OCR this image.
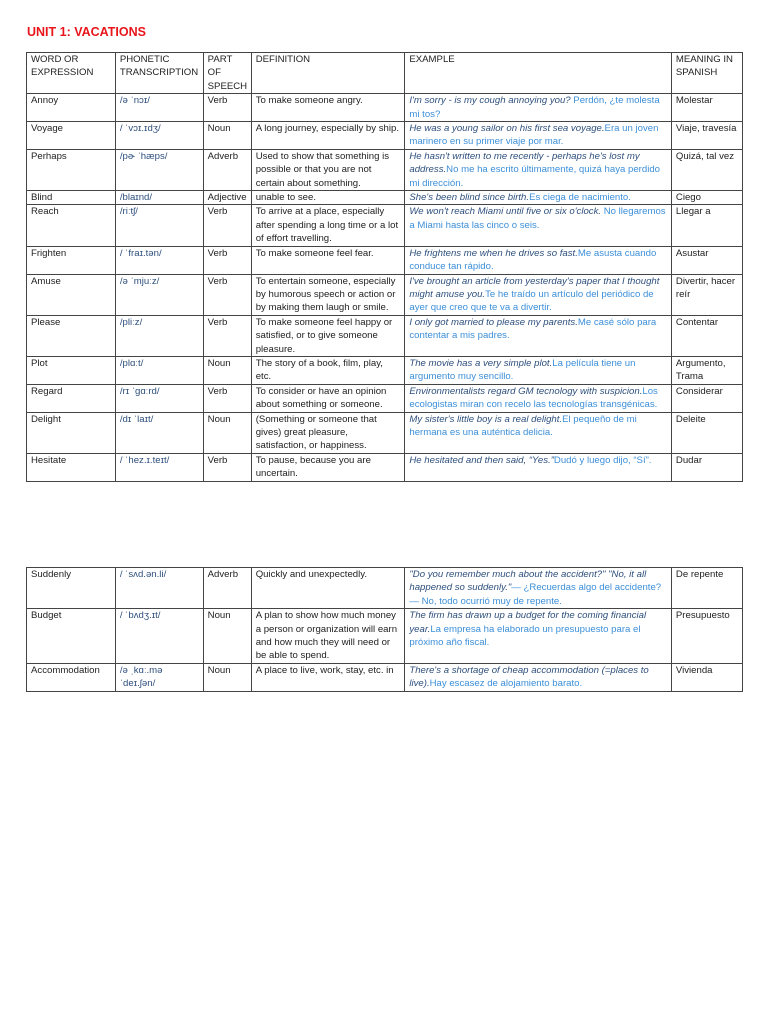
UNIT 1: VACATIONS
WORD OR EXPRESSION	PHONETIC TRANSCRIPTION	PART OF SPEECH	DEFINITION	EXAMPLE	MEANING IN SPANISH
Annoy	/ə ˈnɔɪ/	Verb	To make someone angry.	I'm sorry - is my cough annoying you? Perdón, ¿te molesta mi tos?	Molestar
Voyage	/ ˈvɔɪ.ɪdʒ/	Noun	A long journey, especially by ship.	He was a young sailor on his first sea voyage.Era un joven marinero en su primer viaje por mar.	Viaje, travesía
Perhaps	/pɚ ˈhæps/	Adverb	Used to show that something is possible or that you are not certain about something.	He hasn't written to me recently - perhaps he's lost my address.No me ha escrito últimamente, quizá haya perdido mi dirección.	Quizá, tal vez
Blind	/blaɪnd/	Adjective	unable to see.	She's been blind since birth.Es ciega de nacimiento.	Ciego
Reach	/riːtʃ/	Verb	To arrive at a place, especially after spending a long time or a lot of effort travelling.	We won't reach Miami until five or six o'clock. No llegaremos a Miami hasta las cinco o seis.	Llegar a
Frighten	/ ˈfraɪ.tən/	Verb	To make someone feel fear.	He frightens me when he drives so fast.Me asusta cuando conduce tan rápido.	Asustar
Amuse	/ə ˈmjuːz/	Verb	To entertain someone, especially by humorous speech or action or by making them laugh or smile.	I've brought an article from yesterday's paper that I thought might amuse you.Te he traído un artículo del periódico de ayer que creo que te va a divertir.	Divertir, hacer reír
Please	/pliːz/	Verb	To make someone feel happy or satisfied, or to give someone pleasure.	I only got married to please my parents.Me casé sólo para contentar a mis padres.	Contentar
Plot	/plɑːt/	Noun	The story of a book, film, play, etc.	The movie has a very simple plot.La película tiene un argumento muy sencillo.	Argumento, Trama
Regard	/rɪ ˈɡɑːrd/	Verb	To consider or have an opinion about something or someone.	Environmentalists regard GM tecnology with suspicion.Los ecologistas miran con recelo las tecnologías transgénicas.	Considerar
Delight	/dɪ ˈlaɪt/	Noun	(Something or someone that gives) great pleasure, satisfaction, or happiness.	My sister's little boy is a real delight.El pequeño de mi hermana es una auténtica delicia.	Deleite
Hesitate	/ ˈhez.ɪ.teɪt/	Verb	To pause, because you are uncertain.	He hesitated and then said, “Yes.”Dudó y luego dijo, “Sí”.	Dudar
Suddenly	/ ˈsʌd.ən.li/	Adverb	Quickly and unexpectedly.	"Do you remember much about the accident?" "No, it all happened so suddenly."— ¿Recuerdas algo del accidente? — No, todo ocurrió muy de repente.	De repente
Budget	/ ˈbʌdʒ.ɪt/	Noun	A plan to show how much money a person or organization will earn and how much they will need or be able to spend.	The firm has drawn up a budget for the coming financial year.La empresa ha elaborado un presupuesto para el próximo año fiscal.	Presupuesto
Accommodation	/ə ˌkɑː.mə ˈdeɪ.ʃən/	Noun	A place to live, work, stay, etc. in	There's a shortage of cheap accommodation (=places to live).Hay escasez de alojamiento barato.	Vivienda
